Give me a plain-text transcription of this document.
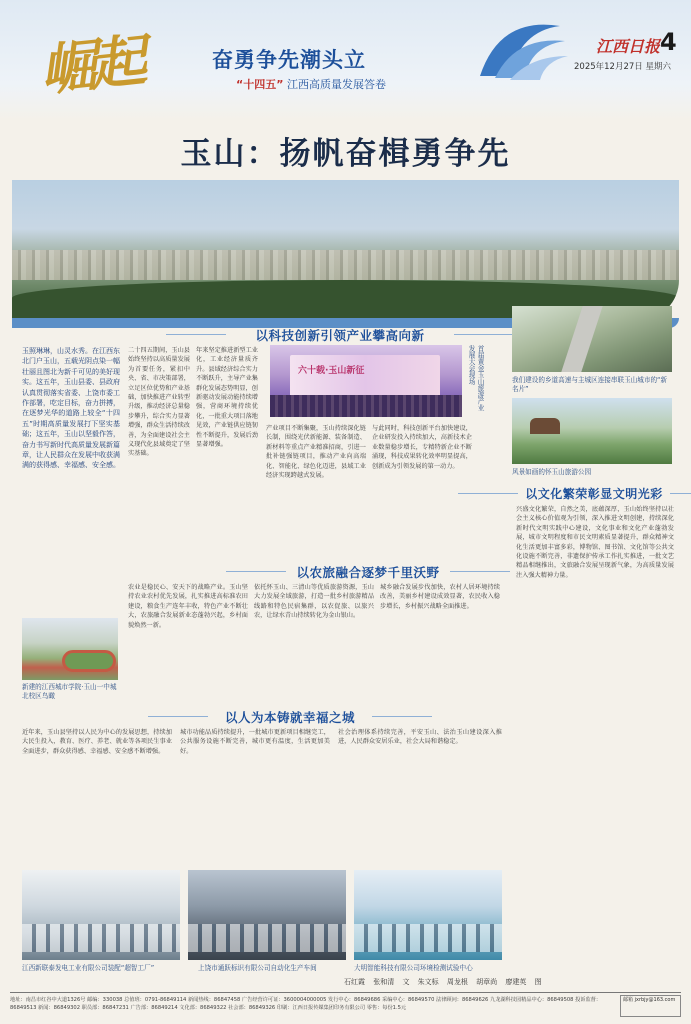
崛起	奋勇争先潮头立
“十四五” 江西高质量发展答卷
江西日报 4
2025年12月27日 星期六
玉山：扬帆奋楫勇争先
以科技创新引领产业攀高向新
玉照琳琳，山灵水秀。在江西东北门户玉山，五载光阴点染一幅壮丽且图北为新千可见的美好现实。这五年，玉山县委、县政府认真贯彻落实省委、上饶市委工作部署，吃定目标，奋力拼搏，在逐梦光华的道路上较全“十四五”时期高质量发展打下坚实基础；这五年，玉山以坚毅作答，奋力书写新时代高质量发展新篇章，让人民群众在发展中收获满满的获得感、幸福感、安全感。
二十四五期间，玉山县始终坚持以高质量发展为首要任务，紧扣中央、省、市决策部署，立足区位优势和产业基础，加快推进产业转型升级，推动经济总量稳步攀升，综合实力显著增强，群众生活持续改善，为全面建设社会主义现代化县域奠定了坚实基础。
年来坚定推进新型工业化，工业经济量质齐升。县域经济综合实力不断跃升，主导产业集群化发展态势明显，创新驱动发展动能持续增强，营商环境持续优化，一批重大项目落地见效，产业链供应链韧性不断提升，发展后劲显著增强。
六十载·玉山新征	首届黄金玉山旅游产业发展大会现场
产业项目不断集聚，玉山持续深化链长制，围绕光伏新能源、装备制造、新材料等重点产业精准招商，引进一批补链强链项目，推动产业向高端化、智能化、绿色化迈进，县域工业经济实现跨越式发展。
与此同时，科技创新平台加快建设，企业研发投入持续加大，高新技术企业数量稳步增长，专精特新企业不断涌现，科技成果转化效率明显提高，创新成为引领发展的第一动力。
我们建设的乡道高速与主城区连接串联玉山城市的“新名片”
风景如画的怀玉山旅游公园
以文化繁荣彰显文明光彩
兴盛文化繁荣，自然之美，底蕴深厚，玉山始终坚持以社会主义核心价值观为引领，深入推进文明创建，持续深化新时代文明实践中心建设，文化事业和文化产业蓬勃发展，城市文明程度和市民文明素质显著提升，群众精神文化生活更加丰富多彩，博物馆、图书馆、文化馆等公共文化设施不断完善，非遗保护传承工作扎实推进，一批文艺精品相继推出，文旅融合发展呈现新气象，为高质量发展注入强大精神力量。
以农旅融合逐梦千里沃野
新建的江西城市学院·玉山一中城北校区鸟瞰
农业是稳民心、安天下的战略产业。玉山坚持农业农村优先发展，扎实推进高标准农田建设，粮食生产连年丰收，特色产业不断壮大，农旅融合发展新业态蓬勃兴起，乡村面貌焕然一新。
依托怀玉山、三清山等优质旅游资源，玉山大力发展全域旅游，打造一批乡村旅游精品线路和特色民宿集群，以农促旅、以旅兴农，让绿水青山持续转化为金山银山。
城乡融合发展步伐加快，农村人居环境持续改善，美丽乡村建设成效显著，农民收入稳步增长，乡村振兴战略全面推进。
以人为本铸就幸福之城
近年来，玉山县坚持以人民为中心的发展思想，持续加大民生投入，教育、医疗、养老、就业等各项民生事业全面进步，群众获得感、幸福感、安全感不断增强。
城市功能品质持续提升，一批城市更新项目相继完工，公共服务设施不断完善，城市更有温度，生活更加美好。
社会治理体系持续完善，平安玉山、法治玉山建设深入推进，人民群众安居乐业，社会大局和谐稳定。
江西新联泰发电工业有限公司装配“超智工厂”	上饶市通跃标识有限公司自动化生产车间	大明智能科技有限公司环境检测试验中心
石红霞 张和清 文 朱文标 周龙根 胡章尚 廖建英 图
地址：南昌市红谷中大道1326号 邮编：330038 总值班：0791-86849114 新闻热线：86847458 广告经营许可证：3600004000005 发行中心：86849686 采编中心：86849570 法律顾问：86849626 九龙湖科技园精品中心：86849508 投诉监督：86849513 新闻：86849302 职员部：86847231 广告部：86849214 文化部：86849322 社会部：86849326 印刷：江西日报传媒集团印务有限公司 零售：每份1.5元
邮箱 jxrbjy@163.com
